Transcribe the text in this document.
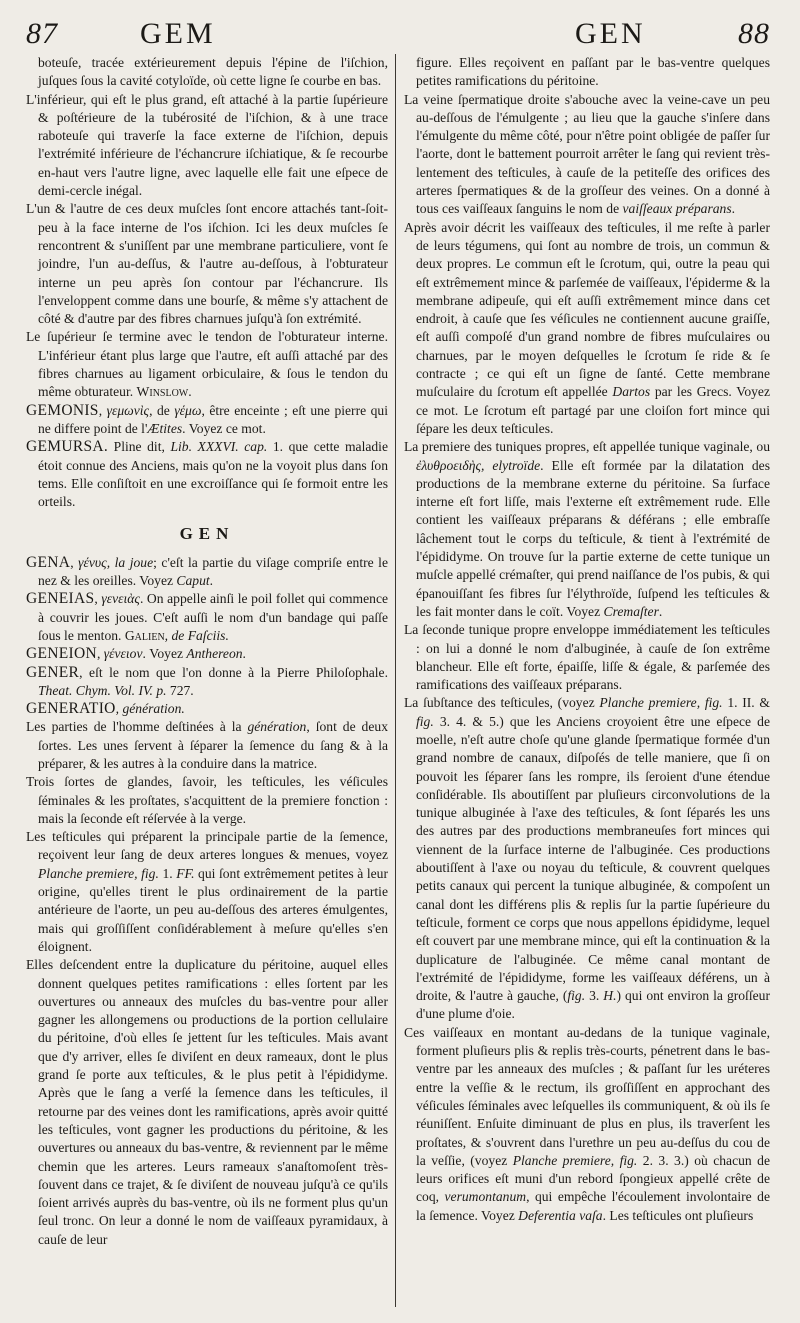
87	GEM	GEN	88

boteuſe, tracée extérieurement depuis l'épine de l'iſchion, juſques ſous la cavité cotyloïde, où cette ligne ſe courbe en bas.

L'inférieur, qui eſt le plus grand, eſt attaché à la partie ſupérieure & poſtérieure de la tubérosité de l'iſchion, & à une trace raboteuſe qui traverſe la face externe de l'iſchion, depuis l'extrémité inférieure de l'échancrure iſchiatique, & ſe recourbe en-haut vers l'autre ligne, avec laquelle elle fait une eſpece de demi-cercle inégal.

L'un & l'autre de ces deux muſcles ſont encore attachés tant-ſoit-peu à la face interne de l'os iſchion. Ici les deux muſcles ſe rencontrent & s'uniſſent par une membrane particuliere, vont ſe joindre, l'un au-deſſus, & l'autre au-deſſous, à l'obturateur interne un peu après ſon contour par l'échancrure. Ils l'enveloppent comme dans une bourſe, & même s'y attachent de côté & d'autre par des fibres charnues juſqu'à ſon extrémité.

Le ſupérieur ſe termine avec le tendon de l'obturateur interne. L'inférieur étant plus large que l'autre, eſt auſſi attaché par des fibres charnues au ligament orbiculaire, & ſous le tendon du même obturateur. Winslow.

GEMONIS, γεμωνὶς, de γέμω, être enceinte ; eſt une pierre qui ne differe point de l'Ætites. Voyez ce mot.

GEMURSA. Pline dit, Lib. XXXVI. cap. 1. que cette maladie étoit connue des Anciens, mais qu'on ne la voyoit plus dans ſon tems. Elle conſiſtoit en une excroiſſance qui ſe formoit entre les orteils.

GEN

GENA, γένυς, la joue; c'eſt la partie du viſage compriſe entre le nez & les oreilles. Voyez Caput.

GENEIAS, γενειὰς. On appelle ainſi le poil follet qui commence à couvrir les joues. C'eſt auſſi le nom d'un bandage qui paſſe ſous le menton. Galien, de Faſciis.

GENEION, γένειον. Voyez Anthereon.

GENER, eſt le nom que l'on donne à la Pierre Philoſophale. Theat. Chym. Vol. IV. p. 727.

GENERATIO, génération.

Les parties de l'homme deſtinées à la génération, ſont de deux ſortes. Les unes ſervent à ſéparer la ſemence du ſang & à la préparer, & les autres à la conduire dans la matrice.

Trois ſortes de glandes, ſavoir, les teſticules, les véſicules ſéminales & les proſtates, s'acquittent de la premiere fonction : mais la ſeconde eſt réſervée à la verge.

Les teſticules qui préparent la principale partie de la ſemence, reçoivent leur ſang de deux arteres longues & menues, voyez Planche premiere, fig. 1. FF. qui ſont extrêmement petites à leur origine, qu'elles tirent le plus ordinairement de la partie antérieure de l'aorte, un peu au-deſſous des arteres émulgentes, mais qui groſſiſſent conſidérablement à meſure qu'elles s'en éloignent.

Elles deſcendent entre la duplicature du péritoine, auquel elles donnent quelques petites ramifications : elles ſortent par les ouvertures ou anneaux des muſcles du bas-ventre pour aller gagner les allongemens ou productions de la portion cellulaire du péritoine, d'où elles ſe jettent ſur les teſticules. Mais avant que d'y arriver, elles ſe diviſent en deux rameaux, dont le plus grand ſe porte aux teſticules, & le plus petit à l'épididyme. Après que le ſang a verſé la ſemence dans les teſticules, il retourne par des veines dont les ramifications, après avoir quitté les teſticules, vont gagner les productions du péritoine, & les ouvertures ou anneaux du bas-ventre, & reviennent par le même chemin que les arteres. Leurs rameaux s'anaſtomoſent très-ſouvent dans ce trajet, & ſe diviſent de nouveau juſqu'à ce qu'ils ſoient arrivés auprès du bas-ventre, où ils ne forment plus qu'un ſeul tronc. On leur a donné le nom de vaiſſeaux pyramidaux, à cauſe de leur

figure. Elles reçoivent en paſſant par le bas-ventre quelques petites ramifications du péritoine.

La veine ſpermatique droite s'abouche avec la veine-cave un peu au-deſſous de l'émulgente ; au lieu que la gauche s'inſere dans l'émulgente du même côté, pour n'être point obligée de paſſer ſur l'aorte, dont le battement pourroit arrêter le ſang qui revient très-lentement des teſticules, à cauſe de la petiteſſe des orifices des arteres ſpermatiques & de la groſſeur des veines. On a donné à tous ces vaiſſeaux ſanguins le nom de vaiſſeaux préparans.

Après avoir décrit les vaiſſeaux des teſticules, il me reſte à parler de leurs tégumens, qui ſont au nombre de trois, un commun & deux propres. Le commun eſt le ſcrotum, qui, outre la peau qui eſt extrêmement mince & parſemée de vaiſſeaux, l'épiderme & la membrane adipeuſe, qui eſt auſſi extrêmement mince dans cet endroit, à cauſe que ſes véſicules ne contiennent aucune graiſſe, eſt auſſi compoſé d'un grand nombre de fibres muſculaires ou charnues, par le moyen deſquelles le ſcrotum ſe ride & ſe contracte ; ce qui eſt un ſigne de ſanté. Cette membrane muſculaire du ſcrotum eſt appellée Dartos par les Grecs. Voyez ce mot. Le ſcrotum eſt partagé par une cloiſon fort mince qui ſépare les deux teſticules.

La premiere des tuniques propres, eſt appellée tunique vaginale, ou ἐλυθροειδὴς, elytroïde. Elle eſt formée par la dilatation des productions de la membrane externe du péritoine. Sa ſurface interne eſt fort liſſe, mais l'externe eſt extrêmement rude. Elle contient les vaiſſeaux préparans & déférans ; elle embraſſe lâchement tout le corps du teſticule, & tient à l'extrémité de l'épididyme. On trouve ſur la partie externe de cette tunique un muſcle appellé crémaſter, qui prend naiſſance de l'os pubis, & qui épanouiſſant ſes fibres ſur l'élythroïde, ſuſpend les teſticules & les fait monter dans le coït. Voyez Cremaſter.

La ſeconde tunique propre enveloppe immédiatement les teſticules : on lui a donné le nom d'albuginée, à cauſe de ſon extrême blancheur. Elle eſt forte, épaiſſe, liſſe & égale, & parſemée des ramifications des vaiſſeaux préparans.

La ſubſtance des teſticules, (voyez Planche premiere, fig. 1. II. & fig. 3. 4. & 5.) que les Anciens croyoient être une eſpece de moelle, n'eſt autre choſe qu'une glande ſpermatique formée d'un grand nombre de canaux, diſpoſés de telle maniere, que ſi on pouvoit les ſéparer ſans les rompre, ils ſeroient d'une étendue conſidérable. Ils aboutiſſent par pluſieurs circonvolutions de la tunique albuginée à l'axe des teſticules, & ſont ſéparés les uns des autres par des productions membraneuſes fort minces qui viennent de la ſurface interne de l'albuginée. Ces productions aboutiſſent à l'axe ou noyau du teſticule, & couvrent quelques petits canaux qui percent la tunique albuginée, & compoſent un canal dont les différens plis & replis ſur la partie ſupérieure du teſticule, forment ce corps que nous appellons épididyme, lequel eſt couvert par une membrane mince, qui eſt la continuation & la duplicature de l'albuginée. Ce même canal montant de l'extrémité de l'épididyme, forme les vaiſſeaux déférens, un à droite, & l'autre à gauche, (fig. 3. H.) qui ont environ la groſſeur d'une plume d'oie.

Ces vaiſſeaux en montant au-dedans de la tunique vaginale, forment pluſieurs plis & replis très-courts, pénetrent dans le bas-ventre par les anneaux des muſcles ; & paſſant ſur les uréteres entre la veſſie & le rectum, ils groſſiſſent en approchant des véſicules ſéminales avec leſquelles ils communiquent, & où ils ſe réuniſſent. Enſuite diminuant de plus en plus, ils traverſent les proſtates, & s'ouvrent dans l'urethre un peu au-deſſus du cou de la veſſie, (voyez Planche premiere, fig. 2. 3. 3.) où chacun de leurs orifices eſt muni d'un rebord ſpongieux appellé crête de coq, verumontanum, qui empêche l'écoulement involontaire de la ſemence. Voyez Deferentia vaſa. Les teſticules ont pluſieurs
